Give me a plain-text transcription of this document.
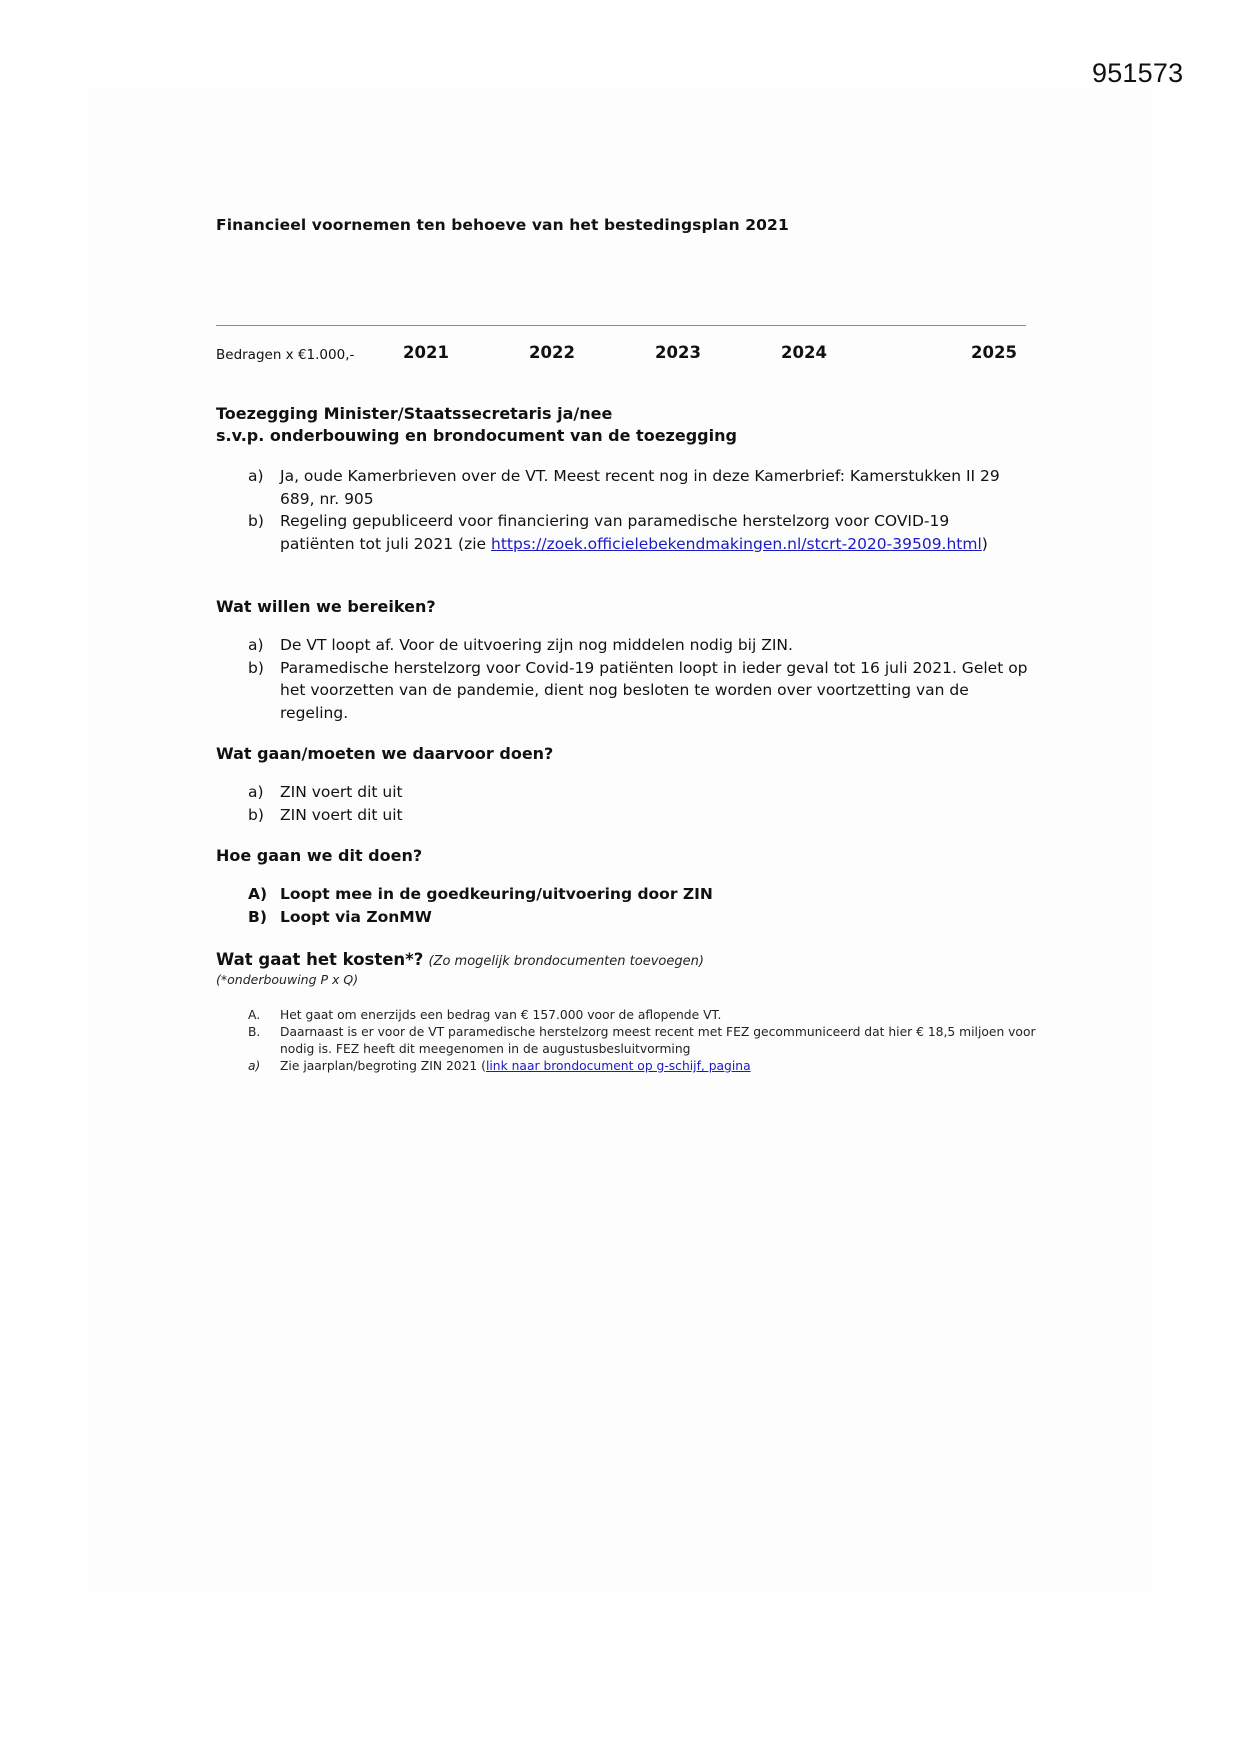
951573
Financieel voornemen ten behoeve van het bestedingsplan 2021
Bedragen x €1.000,-	2021	2022	2023	2024	2025
Toezegging Minister/Staatssecretaris ja/nee
s.v.p. onderbouwing en brondocument van de toezegging
a)	Ja, oude Kamerbrieven over de VT. Meest recent nog in deze Kamerbrief: Kamerstukken II 29 689, nr. 905
b)	Regeling gepubliceerd voor financiering van paramedische herstelzorg voor COVID-19 patiënten tot juli 2021 (zie https://zoek.officielebekendmakingen.nl/stcrt-2020-39509.html)
Wat willen we bereiken?
a)	De VT loopt af. Voor de uitvoering zijn nog middelen nodig bij ZIN.
b)	Paramedische herstelzorg voor Covid-19 patiënten loopt in ieder geval tot 16 juli 2021. Gelet op het voorzetten van de pandemie, dient nog besloten te worden over voortzetting van de regeling.
Wat gaan/moeten we daarvoor doen?
a)	ZIN voert dit uit
b)	ZIN voert dit uit
Hoe gaan we dit doen?
A) Loopt mee in de goedkeuring/uitvoering door ZIN
B) Loopt via ZonMW
Wat gaat het kosten*? (Zo mogelijk brondocumenten toevoegen)
(*onderbouwing P x Q)
A.	Het gaat om enerzijds een bedrag van € 157.000 voor de aflopende VT.
B.	Daarnaast is er voor de VT paramedische herstelzorg meest recent met FEZ gecommuniceerd dat hier € 18,5 miljoen voor nodig is. FEZ heeft dit meegenomen in de augustusbesluitvorming
a)	Zie jaarplan/begroting ZIN 2021 (link naar brondocument op g-schijf, pagina
